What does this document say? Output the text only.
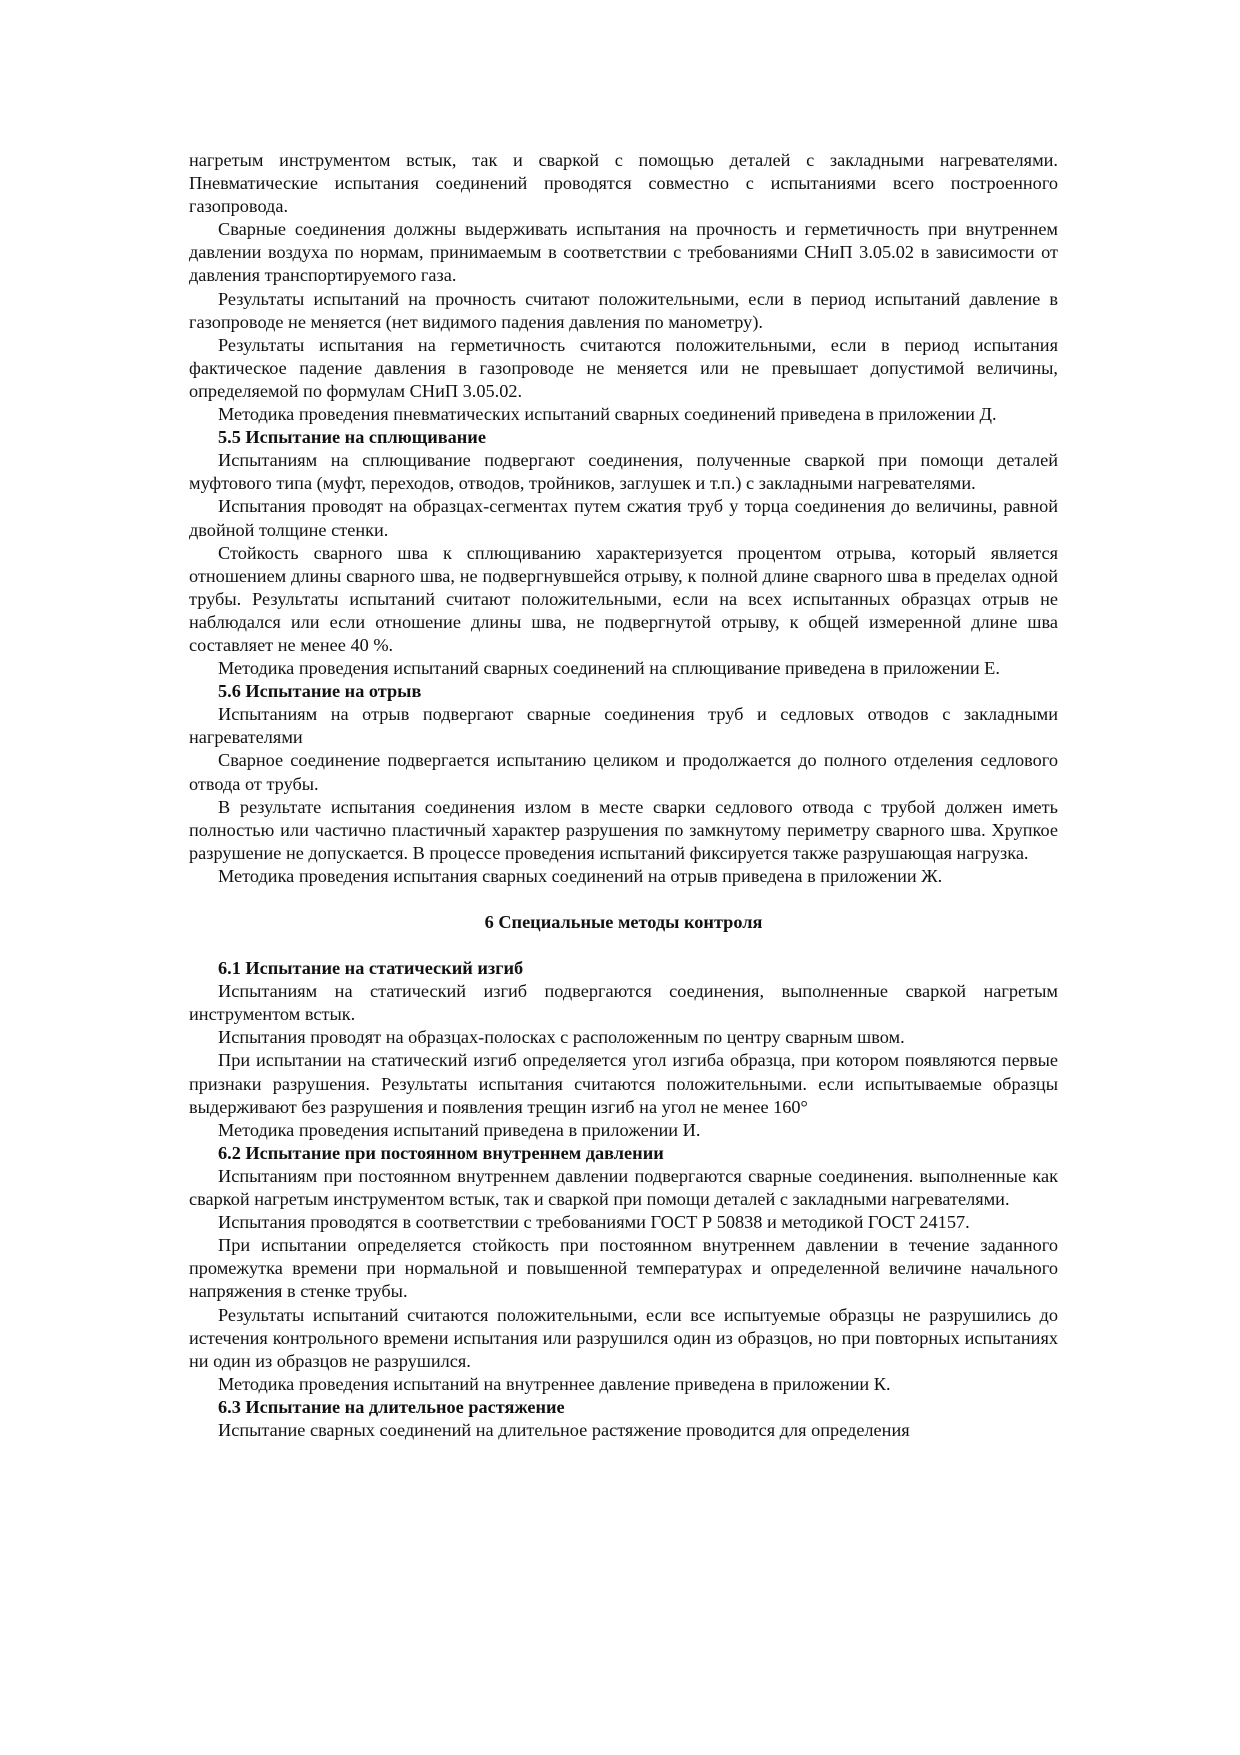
нагретым инструментом встык, так и сваркой с помощью деталей с закладными нагревателями. Пневматические испытания соединений проводятся совместно с испытаниями всего построенного газопровода.

Сварные соединения должны выдерживать испытания на прочность и герметичность при внутреннем давлении воздуха по нормам, принимаемым в соответствии с требованиями СНиП 3.05.02 в зависимости от давления транспортируемого газа.

Результаты испытаний на прочность считают положительными, если в период испытаний давление в газопроводе не меняется (нет видимого падения давления по манометру).

Результаты испытания на герметичность считаются положительными, если в период испытания фактическое падение давления в газопроводе не меняется или не превышает допустимой величины, определяемой по формулам СНиП 3.05.02.

Методика проведения пневматических испытаний сварных соединений приведена в приложении Д.

5.5 Испытание на сплющивание

Испытаниям на сплющивание подвергают соединения, полученные сваркой при помощи деталей муфтового типа (муфт, переходов, отводов, тройников, заглушек и т.п.) с закладными нагревателями.

Испытания проводят на образцах-сегментах путем сжатия труб у торца соединения до величины, равной двойной толщине стенки.

Стойкость сварного шва к сплющиванию характеризуется процентом отрыва, который является отношением длины сварного шва, не подвергнувшейся отрыву, к полной длине сварного шва в пределах одной трубы. Результаты испытаний считают положительными, если на всех испытанных образцах отрыв не наблюдался или если отношение длины шва, не подвергнутой отрыву, к общей измеренной длине шва составляет не менее 40 %.

Методика проведения испытаний сварных соединений на сплющивание приведена в приложении Е.

5.6 Испытание на отрыв

Испытаниям на отрыв подвергают сварные соединения труб и седловых отводов с закладными нагревателями

Сварное соединение подвергается испытанию целиком и продолжается до полного отделения седлового отвода от трубы.

В результате испытания соединения излом в месте сварки седлового отвода с трубой должен иметь полностью или частично пластичный характер разрушения по замкнутому периметру сварного шва. Хрупкое разрушение не допускается. В процессе проведения испытаний фиксируется также разрушающая нагрузка.

Методика проведения испытания сварных соединений на отрыв приведена в приложении Ж.

6 Специальные методы контроля

6.1 Испытание на статический изгиб

Испытаниям на статический изгиб подвергаются соединения, выполненные сваркой нагретым инструментом встык.

Испытания проводят на образцах-полосках с расположенным по центру сварным швом.

При испытании на статический изгиб определяется угол изгиба образца, при котором появляются первые признаки разрушения. Результаты испытания считаются положительными. если испытываемые образцы выдерживают без разрушения и появления трещин изгиб на угол не менее 160°

Методика проведения испытаний приведена в приложении И.

6.2 Испытание при постоянном внутреннем давлении

Испытаниям при постоянном внутреннем давлении подвергаются сварные соединения. выполненные как сваркой нагретым инструментом встык, так и сваркой при помощи деталей с закладными нагревателями.

Испытания проводятся в соответствии с требованиями ГОСТ Р 50838 и методикой ГОСТ 24157.

При испытании определяется стойкость при постоянном внутреннем давлении в течение заданного промежутка времени при нормальной и повышенной температурах и определенной величине начального напряжения в стенке трубы.

Результаты испытаний считаются положительными, если все испытуемые образцы не разрушились до истечения контрольного времени испытания или разрушился один из образцов, но при повторных испытаниях ни один из образцов не разрушился.

Методика проведения испытаний на внутреннее давление приведена в приложении К.

6.3 Испытание на длительное растяжение

Испытание сварных соединений на длительное растяжение проводится для определения
